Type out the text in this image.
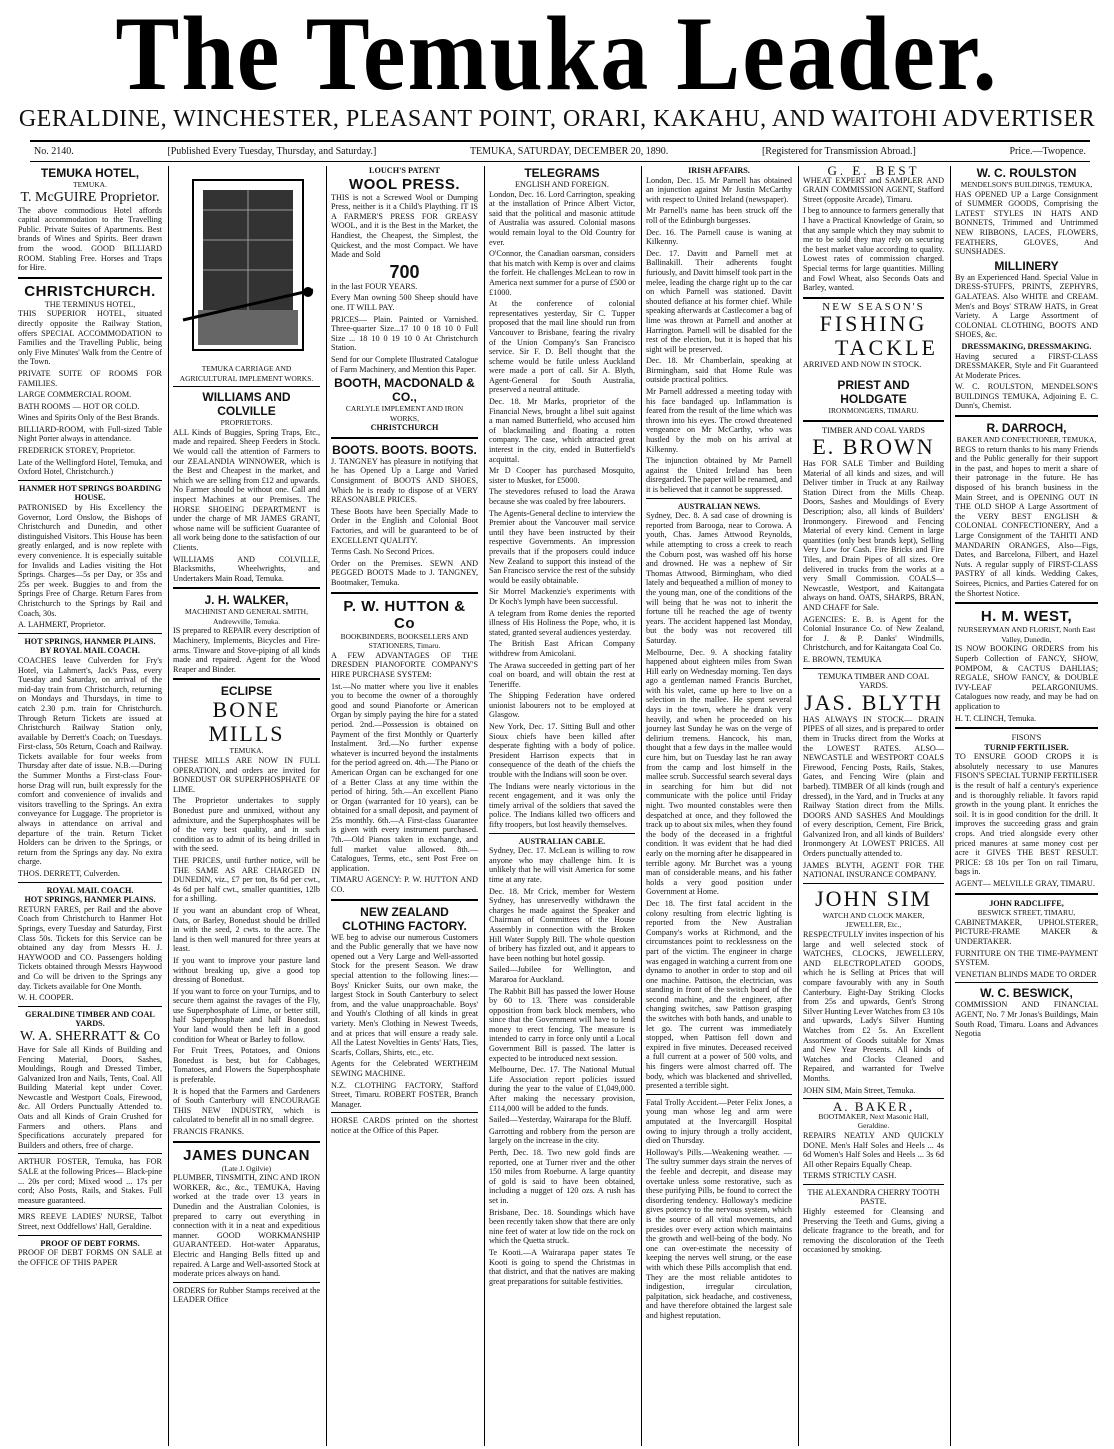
The Temuka Leader.
GERALDINE, WINCHESTER, PLEASANT POINT, ORARI, KAKAHU, AND WAITOHI ADVERTISER
No. 2140.	[Published Every Tuesday, Thursday, and Saturday.]	TEMUKA, SATURDAY, DECEMBER 20, 1890.	[Registered for Transmission Abroad.]	Price.—Twopence.
TEMUKA HOTEL,
TEMUKA.
T. McGUIRE Proprietor.

The above commodious Hotel affords capital accommodation to the Travelling Public. Private Suites of Apartments. Best brands of Wines and Spirits. Beer drawn from the wood. GOOD BILLIARD ROOM. Stabling Free. Horses and Traps for Hire.

CHRISTCHURCH.
THE TERMINUS HOTEL,

THIS SUPERIOR HOTEL, situated directly opposite the Railway Station, offers SPECIAL ACCOMMODATION to Families and the Travelling Public, being only Five Minutes' Walk from the Centre of the Town.

PRIVATE SUITE OF ROOMS FOR FAMILIES.

LARGE COMMERCIAL ROOM.

BATH ROOMS — HOT OR COLD.

Wines and Spirits Only of the Best Brands.

BILLIARD-ROOM, with Full-sized Table Night Porter always in attendance.

FREDERICK STOREY, Proprietor.

Late of the Wellingford Hotel, Temuka, and Oxford Hotel, Christchurch.)

HANMER HOT SPRINGS BOARDING HOUSE.

PATRONISED by His Excellency the Governor, Lord Onslow, the Bishops of Christchurch and Dunedin, and other distinguished Visitors. This House has been greatly enlarged, and is now replete with every convenience. It is especially suitable for Invalids and Ladies visiting the Hot Springs. Charges—5s per Day, or 35s and 25s per week. Buggies to and from the Springs Free of Charge. Return Fares from Christchurch to the Springs by Rail and Coach, 30s.

A. LAHMERT, Proprietor.

HOT SPRINGS, HANMER PLAINS. BY ROYAL MAIL COACH.

COACHES leave Culverden for Fry's Hotel, via Lahmert's, Jack's Pass, every Tuesday and Saturday, on arrival of the mid-day train from Christchurch, returning on Mondays and Thursdays, in time to catch 2.30 p.m. train for Christchurch. Through Return Tickets are issued at Christchurch Railway Station only, available by Derrett's Coach; on Tuesdays. First-class, 50s Return, Coach and Railway. Tickets available for four weeks from Thursday after date of issue. N.B.—During the Summer Months a First-class Four-horse Drag will run, built expressly for the comfort and convenience of invalids and visitors travelling to the Springs. An extra conveyance for Luggage. The proprietor is always in attendance on arrival and departure of the train. Return Ticket Holders can be driven to the Springs, or return from the Springs any day. No extra charge.

THOS. DERRETT, Culverden.

ROYAL MAIL COACH.
HOT SPRINGS, HANMER PLAINS.

RETURN FARES, per Rail and the above Coach from Christchurch to Hanmer Hot Springs, every Tuesday and Saturday, First Class 50s. Tickets for this Service can be obtained any day from Messrs H. J. HAYWOOD and CO. Passengers holding Tickets obtained through Messrs Haywood and Co will be driven to the Springs any day. Tickets available for One Month.

W. H. COOPER.

GERALDINE TIMBER AND COAL YARDS.
W. A. SHERRATT & Co

Have for Sale all Kinds of Building and Fencing Material, Doors, Sashes, Mouldings, Rough and Dressed Timber, Galvanized Iron and Nails, Tents, Coal. All Building Material kept under Cover. Newcastle and Westport Coals, Firewood, &c. All Orders Punctually Attended to. Oats and all Kinds of Grain Crushed for Farmers and others. Plans and Specifications accurately prepared for Builders and others, free of charge.

ARTHUR FOSTER, Temuka, has FOR SALE at the following Prices— Black-pine ... 20s per cord; Mixed wood ... 17s per cord; Also Posts, Rails, and Stakes. Full measure guaranteed.

MRS REEVE LADIES' NURSE, Talbot Street, next Oddfellows' Hall, Geraldine.

PROOF OF DEBT FORMS.

PROOF OF DEBT FORMS ON SALE at the OFFICE OF THIS PAPER

TEMUKA CARRIAGE AND AGRICULTURAL IMPLEMENT WORKS.
WILLIAMS AND COLVILLE
PROPRIETORS.

ALL Kinds of Buggies, Spring Traps, Etc., made and repaired. Sheep Feeders in Stock. We would call the attention of Farmers to our ZEALANDIA WINNOWER, which is the Best and Cheapest in the market, and which we are selling from £12 and upwards. No Farmer should be without one. Call and inspect Machines at our Premises. The HORSE SHOEING DEPARTMENT is under the charge of MR JAMES GRANT, whose name will be sufficient Guarantee of all work being done to the satisfaction of our Clients.

WILLIAMS AND COLVILLE, Blacksmiths, Wheelwrights, and Undertakers Main Road, Temuka.

J. H. WALKER,
MACHINIST AND GENERAL SMITH, Andrewville, Temuka.

IS prepared to REPAIR every description of Machinery, Implements, Bicycles and Fire-arms. Tinware and Stove-piping of all kinds made and repaired. Agent for the Wood Reaper and Binder.

ECLIPSE
BONE MILLS
TEMUKA.

THESE MILLS ARE NOW IN FULL OPERATION, and orders are invited for BONEDUST OR SUPERPHOSPHATE OF LIME.

The Proprietor undertakes to supply Bonedust pure and unmixed, without any admixture, and the Superphosphates will be of the very best quality, and in such condition as to admit of its being drilled in with the seed.

THE PRICES, until further notice, will be THE SAME AS ARE CHARGED IN DUNEDIN, viz., £7 per ton, 8s 6d per cwt., 4s 6d per half cwt., smaller quantities, 12lb for a shilling.

If you want an abundant crop of Wheat, Oats, or Barley, Bonedust should be drilled in with the seed, 2 cwts. to the acre. The land is then well manured for three years at least.

If you want to improve your pasture land without breaking up, give a good top dressing of Bonedust.

If you want to force on your Turnips, and to secure them against the ravages of the Fly, use Superphosphate of Lime, or better still, half Superphosphate and half Bonedust. Your land would then be left in a good condition for Wheat or Barley to follow.

For Fruit Trees, Potatoes, and Onions Bonedust is best, but for Cabbages, Tomatoes, and Flowers the Superphosphate is preferable.

It is hoped that the Farmers and Gardeners of South Canterbury will ENCOURAGE THIS NEW INDUSTRY, which is calculated to benefit all in no small degree.

FRANCIS FRANKS.

JAMES DUNCAN
(Late J. Ogilvie)

PLUMBER, TINSMITH, ZINC AND IRON WORKER, &c., &c., TEMUKA, Having worked at the trade over 13 years in Dunedin and the Australian Colonies, is prepared to carry out everything in connection with it in a neat and expeditious manner. GOOD WORKMANSHIP GUARANTEED. Hot-water Apparatus, Electric and Hanging Bells fitted up and repaired. A Large and Well-assorted Stock at moderate prices always on hand.

ORDERS for Rubber Stamps received at the LEADER Office

LOUCH'S PATENT
WOOL PRESS.

THIS is not a Screwed Wool or Dumping Press, neither is it a Child's Plaything. IT IS A FARMER'S PRESS FOR GREASY WOOL, and it is the Best in the Market, the Handiest, the Cheapest, the Simplest, the Quickest, and the most Compact. We have Made and Sold

700

in the last FOUR YEARS.

Every Man owning 500 Sheep should have one. IT WILL PAY.

PRICES— Plain. Painted or Varnished. Three-quarter Size...17 10 0 18 10 0 Full Size ... 18 10 0 19 10 0 At Christchurch Station.

Send for our Complete Illustrated Catalogue of Farm Machinery, and Mention this Paper.

BOOTH, MACDONALD & CO.,
CARLYLE IMPLEMENT AND IRON WORKS,
CHRISTCHURCH
BOOTS. BOOTS. BOOTS.

J. TANGNEY has pleasure in notifying that he has Opened Up a Large and Varied Consignment of BOOTS AND SHOES, Which he is ready to dispose of at VERY REASONABLE PRICES.

These Boots have been Specially Made to Order in the English and Colonial Boot Factories, and will be guaranteed to be of EXCELLENT QUALITY.

Terms Cash. No Second Prices.

Order on the Premises. SEWN AND PEGGED BOOTS Made to J. TANGNEY, Bootmaker, Temuka.

P. W. HUTTON & Co
BOOKBINDERS, BOOKSELLERS AND STATIONERS, Timaru.

A FEW ADVANTAGES OF THE DRESDEN PIANOFORTE COMPANY'S HIRE PURCHASE SYSTEM:

1st.—No matter where you live it enables you to become the owner of a thoroughly good and sound Pianoforte or American Organ by simply paying the hire for a stated period. 2nd.—Possession is obtained on Payment of the first Monthly or Quarterly Instalment. 3rd.—No further expense whatever is incurred beyond the instalments for the period agreed on. 4th.—The Piano or American Organ can be exchanged for one of a Better Class at any time within the period of hiring. 5th.—An excellent Piano or Organ (warranted for 10 years), can be obtained for a small deposit, and payment of 25s monthly. 6th.—A First-class Guarantee is given with every instrument purchased. 7th.—Old Pianos taken in exchange, and full market value allowed. 8th.—Catalogues, Terms, etc., sent Post Free on application.

TIMARU AGENCY: P. W. HUTTON AND CO.

NEW ZEALAND CLOTHING FACTORY.

WE beg to advise our numerous Customers and the Public generally that we have now opened out a Very Large and Well-assorted Stock for the present Season. We draw special attention to the following lines:— Boys' Knicker Suits, our own make, the largest Stock in South Canterbury to select from, and the value unapproachable. Boys' and Youth's Clothing of all kinds in great variety. Men's Clothing in Newest Tweeds, and at prices that will ensure a ready sale. All the Latest Novelties in Gents' Hats, Ties, Scarfs, Collars, Shirts, etc., etc.

Agents for the Celebrated WERTHEIM SEWING MACHINE.

N.Z. CLOTHING FACTORY, Stafford Street, Timaru. ROBERT FOSTER, Branch Manager.

HORSE CARDS printed on the shortest notice at the Office of this Paper.

TELEGRAMS
ENGLISH AND FOREIGN.

London, Dec. 16. Lord Carrington, speaking at the installation of Prince Albert Victor, said that the political and masonic attitude of Australia was assured. Colonial masons would remain loyal to the Old Country for ever.

O'Connor, the Canadian oarsman, considers that his match with Kemp is over and claims the forfeit. He challenges McLean to row in America next summer for a purse of £500 or £1000.

At the conference of colonial representatives yesterday, Sir C. Tupper proposed that the mail line should run from Vancouver to Brisbane, fearing the rivalry of the Union Company's San Francisco service. Sir F. D. Bell thought that the scheme would be futile unless Auckland were made a port of call. Sir A. Blyth, Agent-General for South Australia, preserved a neutral attitude.

Dec. 18. Mr Marks, proprietor of the Financial News, brought a libel suit against a man named Butterfield, who accused him of blackmailing and floating a rotten company. The case, which attracted great interest in the city, ended in Butterfield's acquittal.

Mr D Cooper has purchased Mosquito, sister to Musket, for £5000.

The stevedores refused to load the Arawa because she was coaled by free labourers.

The Agents-General decline to interview the Premier about the Vancouver mail service until they have been instructed by their respective Governments. An impression prevails that if the proposers could induce New Zealand to support this instead of the San Francisco service the rest of the subsidy would be easily obtainable.

Sir Morrel Mackenzie's experiments with Dr Koch's lymph have been successful.

A telegram from Rome denies the reported illness of His Holiness the Pope, who, it is stated, granted several audiences yesterday.

The British East African Company withdrew from Amicolani.

The Arawa succeeded in getting part of her coal on board, and will obtain the rest at Teneriffe.

The Shipping Federation have ordered unionist labourers not to be employed at Glasgow.

New York, Dec. 17. Sitting Bull and other Sioux chiefs have been killed after desperate fighting with a body of police. President Harrison expects that in consequence of the death of the chiefs the trouble with the Indians will soon be over.

The Indians were nearly victorious in the recent engagement, and it was only the timely arrival of the soldiers that saved the police. The Indians killed two officers and fifty troopers, but lost heavily themselves.

AUSTRALIAN CABLE.

Sydney, Dec. 17. McLean is willing to row anyone who may challenge him. It is unlikely that he will visit America for some time at any rate.

Dec. 18. Mr Crick, member for Western Sydney, has unreservedly withdrawn the charges he made against the Speaker and Chairman of Committees of the House Assembly in connection with the Broken Hill Water Supply Bill. The whole question of bribery has fizzled out, and it appears to have been nothing but hotel gossip.

Sailed—Jubilee for Wellington, and Mararoa for Auckland.

The Rabbit Bill has passed the lower House by 60 to 13. There was considerable opposition from back block members, who since that the Government will have to lend money to erect fencing. The measure is intended to carry in force only until a Local Government Bill is passed. The latter is expected to be introduced next session.

Melbourne, Dec. 17. The National Mutual Life Association report policies issued during the year to the value of £1,049,000. After making the necessary provision, £114,000 will be added to the funds.

Sailed—Yesterday, Wairarapa for the Bluff.

Garrotting and robbery from the person are largely on the increase in the city.

Perth, Dec. 18. Two new gold finds are reported, one at Turner river and the other 150 miles from Roeburne. A large quantity of gold is said to have been obtained, including a nugget of 120 ozs. A rush has set in.

Brisbane, Dec. 18. Soundings which have been recently taken show that there are only nine feet of water at low tide on the rock on which the Quetta struck.

Te Kooti.—A Wairarapa paper states Te Kooti is going to spend the Christmas in that district, and that the natives are making great preparations for suitable festivities.

IRISH AFFAIRS.

London, Dec. 15. Mr Parnell has obtained an injunction against Mr Justin McCarthy with respect to United Ireland (newspaper).

Mr Parnell's name has been struck off the roll of the Edinburgh burgesses.

Dec. 16. The Parnell cause is waning at Kilkenny.

Dec. 17. Davitt and Parnell met at Ballinakill. Their adherents fought furiously, and Davitt himself took part in the melee, leading the charge right up to the car on which Parnell was stationed. Davitt shouted defiance at his former chief. While speaking afterwards at Castlecomer a bag of lime was thrown at Parnell and another at Harrington. Parnell will be disabled for the rest of the election, but it is hoped that his sight will be preserved.

Dec. 18. Mr Chamberlain, speaking at Birmingham, said that Home Rule was outside practical politics.

Mr Parnell addressed a meeting today with his face bandaged up. Inflammation is feared from the result of the lime which was thrown into his eyes. The crowd threatened vengeance on Mr McCarthy, who was hustled by the mob on his arrival at Kilkenny.

The injunction obtained by Mr Parnell against the United Ireland has been disregarded. The paper will be renamed, and it is believed that it cannot be suppressed.

AUSTRALIAN NEWS.

Sydney, Dec. 8. A sad case of drowning is reported from Barooga, near to Corowa. A youth, Chas. James Attwood Reynolds, while attempting to cross a creek to reach the Coburn post, was washed off his horse and drowned. He was a nephew of Sir Thomas Attwood, Birmingham, who died lately and bequeathed a million of money to the young man, one of the conditions of the will being that he was not to inherit the fortune till he reached the age of twenty years. The accident happened last Monday, but the body was not recovered till Saturday.

Melbourne, Dec. 9. A shocking fatality happened about eighteen miles from Swan Hill early on Wednesday morning. Ten days ago a gentleman named Francis Burchet, with his valet, came up here to live on a selection in the mallee. He spent several days in the town, where he drank very heavily, and when he proceeded on his journey last Sunday he was on the verge of delirium tremens. Hancock, his man, thought that a few days in the mallee would cure him, but on Tuesday last he ran away from the camp and lost himself in the mallee scrub. Successful search several days in searching for him but did not communicate with the police until Friday night. Two mounted constables were then despatched at once, and they followed the track up to about six miles, when they found the body of the deceased in a frightful condition. It was evident that he had died early on the morning after he disappeared in terrible agony. Mr Burchet was a young man of considerable means, and his father holds a very good position under Government at Home.

Dec 18. The first fatal accident in the colony resulting from electric lighting is reported from the New Australian Company's works at Richmond, and the circumstances point to recklessness on the part of the victim. The engineer in charge was engaged in watching a current from one dynamo to another in order to stop and oil one machine. Pattison, the electrician, was standing in front of the switch board of the second machine, and the engineer, after changing switches, saw Pattison grasping the switches with both hands, and unable to let go. The current was immediately stopped, when Pattison fell down and expired in five minutes. Deceased received a full current at a power of 500 volts, and his fingers were almost charred off. The body, which was blackened and shrivelled, presented a terrible sight.

Fatal Trolly Accident.—Peter Felix Jones, a young man whose leg and arm were amputated at the Invercargill Hospital owing to injury through a trolly accident, died on Thursday.

Holloway's Pills.—Weakening weather. —The sultry summer days strain the nerves of the feeble and decrepit, and disease may overtake unless some restorative, such as these purifying Pills, be found to correct the disordering tendency. Holloway's medicine gives potency to the nervous system, which is the source of all vital movements, and presides over every action which maintains the growth and well-being of the body. No one can over-estimate the necessity of keeping the nerves well strung, or the ease with which these Pills accomplish that end. They are the most reliable antidotes to indigestion, irregular circulation, palpitation, sick headache, and costiveness, and have therefore obtained the largest sale and highest reputation.

G. E. BEST

WHEAT EXPERT and SAMPLER AND GRAIN COMMISSION AGENT, Stafford Street (opposite Arcade), Timaru.

I beg to announce to farmers generally that I have a Practical Knowledge of Grain, so that any sample which they may submit to me to be sold they may rely on securing the best market value according to quality. Lowest rates of commission charged. Special terms for large quantities. Milling and Fowl Wheat, also Seconds Oats and Barley, wanted.

NEW SEASON'S
FISHING
TACKLE

ARRIVED AND NOW IN STOCK.

PRIEST AND HOLDGATE
IRONMONGERS, TIMARU.
TIMBER AND COAL YARDS
E. BROWN

Has FOR SALE Timber and Building Material of all kinds and sizes, and will Deliver timber in Truck at any Railway Station Direct from the Mills Cheap. Doors, Sashes and Mouldings of Every Description; also, all kinds of Builders' Ironmongery. Firewood and Fencing Material of every kind. Cement in large quantities (only best brands kept), Selling Very Low for Cash. Fire Bricks and Fire Tiles, and Drain Pipes of all sizes. Ore delivered in trucks from the works at a very Small Commission. COALS—Newcastle, Westport, and Kaitangata always on hand. OATS, SHARPS, BRAN, AND CHAFF for Sale.

AGENCIES: E. B. is Agent for the Colonial Insurance Co. of New Zealand, for J. & P. Danks' Windmills, Christchurch, and for Kaitangata Coal Co.

E. BROWN, TEMUKA

TEMUKA TIMBER AND COAL YARDS.
JAS. BLYTH

HAS ALWAYS IN STOCK— DRAIN PIPES of all sizes, and is prepared to order them in Trucks direct from the Works at the LOWEST RATES. ALSO— NEWCASTLE and WESTPORT COALS Firewood, Fencing Posts, Rails, Stakes, Gates, and Fencing Wire (plain and barbed). TIMBER Of all kinds (rough and dressed), in the Yard, and in Trucks at any Railway Station direct from the Mills. DOORS AND SASHES And Mouldings of every description, Cement, Fire Brick, Galvanized Iron, and all kinds of Builders' Ironmongery At LOWEST PRICES. All Orders punctually attended to.

JAMES BLYTH, AGENT FOR THE NATIONAL INSURANCE COMPANY.

JOHN SIM
WATCH AND CLOCK MAKER, JEWELLER, Etc.,

RESPECTFULLY invites inspection of his large and well selected stock of WATCHES, CLOCKS, JEWELLERY, AND ELECTROPLATED GOODS, which he is Selling at Prices that will compare favourably with any in South Canterbury. Eight-Day Striking Clocks from 25s and upwards, Gent's Strong Silver Hunting Lever Watches from £3 10s and upwards, Lady's Silver Hunting Watches from £2 5s. An Excellent Assortment of Goods suitable for Xmas and New Year Presents. All kinds of Watches and Clocks Cleaned and Repaired, and warranted for Twelve Months.

JOHN SIM, Main Street, Temuka.

A. BAKER,
BOOTMAKER, Next Masonic Hall, Geraldine.

REPAIRS NEATLY AND QUICKLY DONE. Men's Half Soles and Heels ... 4s 6d Women's Half Soles and Heels ... 3s 6d All other Repairs Equally Cheap.

TERMS STRICTLY CASH.

THE ALEXANDRA CHERRY TOOTH PASTE.

Highly esteemed for Cleansing and Preserving the Teeth and Gums, giving a delicate fragrance to the breath, and for removing the discoloration of the Teeth occasioned by smoking.

W. C. ROULSTON
MENDELSON'S BUILDINGS, TEMUKA,

HAS OPENED UP a Large Consignment of SUMMER GOODS, Comprising the LATEST STYLES IN HATS AND BONNETS, Trimmed and Untrimmed NEW RIBBONS, LACES, FLOWERS, FEATHERS, GLOVES, And SUNSHADES.

MILLINERY

By an Experienced Hand. Special Value in DRESS-STUFFS, PRINTS, ZEPHYRS, GALATEAS. Also WHITE and CREAM. Men's and Boys' STRAW HATS, in Great Variety. A Large Assortment of COLONIAL CLOTHING, BOOTS AND SHOES, &c.

DRESSMAKING, DRESSMAKING.

Having secured a FIRST-CLASS DRESSMAKER, Style and Fit Guaranteed At Moderate Prices.

W. C. ROULSTON, MENDELSON'S BUILDINGS TEMUKA, Adjoining E. C. Dunn's, Chemist.

R. DARROCH,
BAKER AND CONFECTIONER, TEMUKA,

BEGS to return thanks to his many Friends and the Public generally for their support in the past, and hopes to merit a share of their patronage in the future. He has disposed of his branch business in the Main Street, and is OPENING OUT IN THE OLD SHOP A Large Assortment of the VERY BEST ENGLISH & COLONIAL CONFECTIONERY, And a Large Consignment of the TAHITI AND MANDARIN ORANGES, Also—Figs, Dates, and Barcelona, Filbert, and Hazel Nuts. A regular supply of FIRST-CLASS PASTRY of all kinds. Wedding Cakes, Soirees, Picnics, and Parties Catered for on the Shortest Notice.

H. M. WEST,
NURSERYMAN AND FLORIST, North East Valley, Dunedin,

IS NOW BOOKING ORDERS from his Superb Collection of FANCY, SHOW, POMPOM, & CACTUS DAHLIAS; REGALE, SHOW FANCY, & DOUBLE IVY-LEAF PELARGONIUMS. Catalogues now ready, and may be had on application to

H. T. CLINCH, Temuka.

FISON'S
TURNIP FERTILISER.

TO ENSURE GOOD CROPS it is absolutely necessary to use Manures FISON'S SPECIAL TURNIP FERTILISER is the result of half a century's experience and is thoroughly reliable. It favors rapid growth in the young plant. It enriches the soil. It is in good condition for the drill. It improves the succeeding grass and grain crops. And tried alongside every other priced manures at same money cost per acre it GIVES THE BEST RESULT. PRICE: £8 10s per Ton on rail Timaru, bags in.

AGENT— MELVILLE GRAY, TIMARU.

JOHN RADCLIFFE,
BESWICK STREET, TIMARU,

CABINETMAKER, UPHOLSTERER, PICTURE-FRAME MAKER & UNDERTAKER.

FURNITURE ON THE TIME-PAYMENT SYSTEM.

VENETIAN BLINDS MADE TO ORDER

W. C. BESWICK,

COMMISSION AND FINANCIAL AGENT, No. 7 Mr Jonas's Buildings, Main South Road, Timaru. Loans and Advances Negotia
